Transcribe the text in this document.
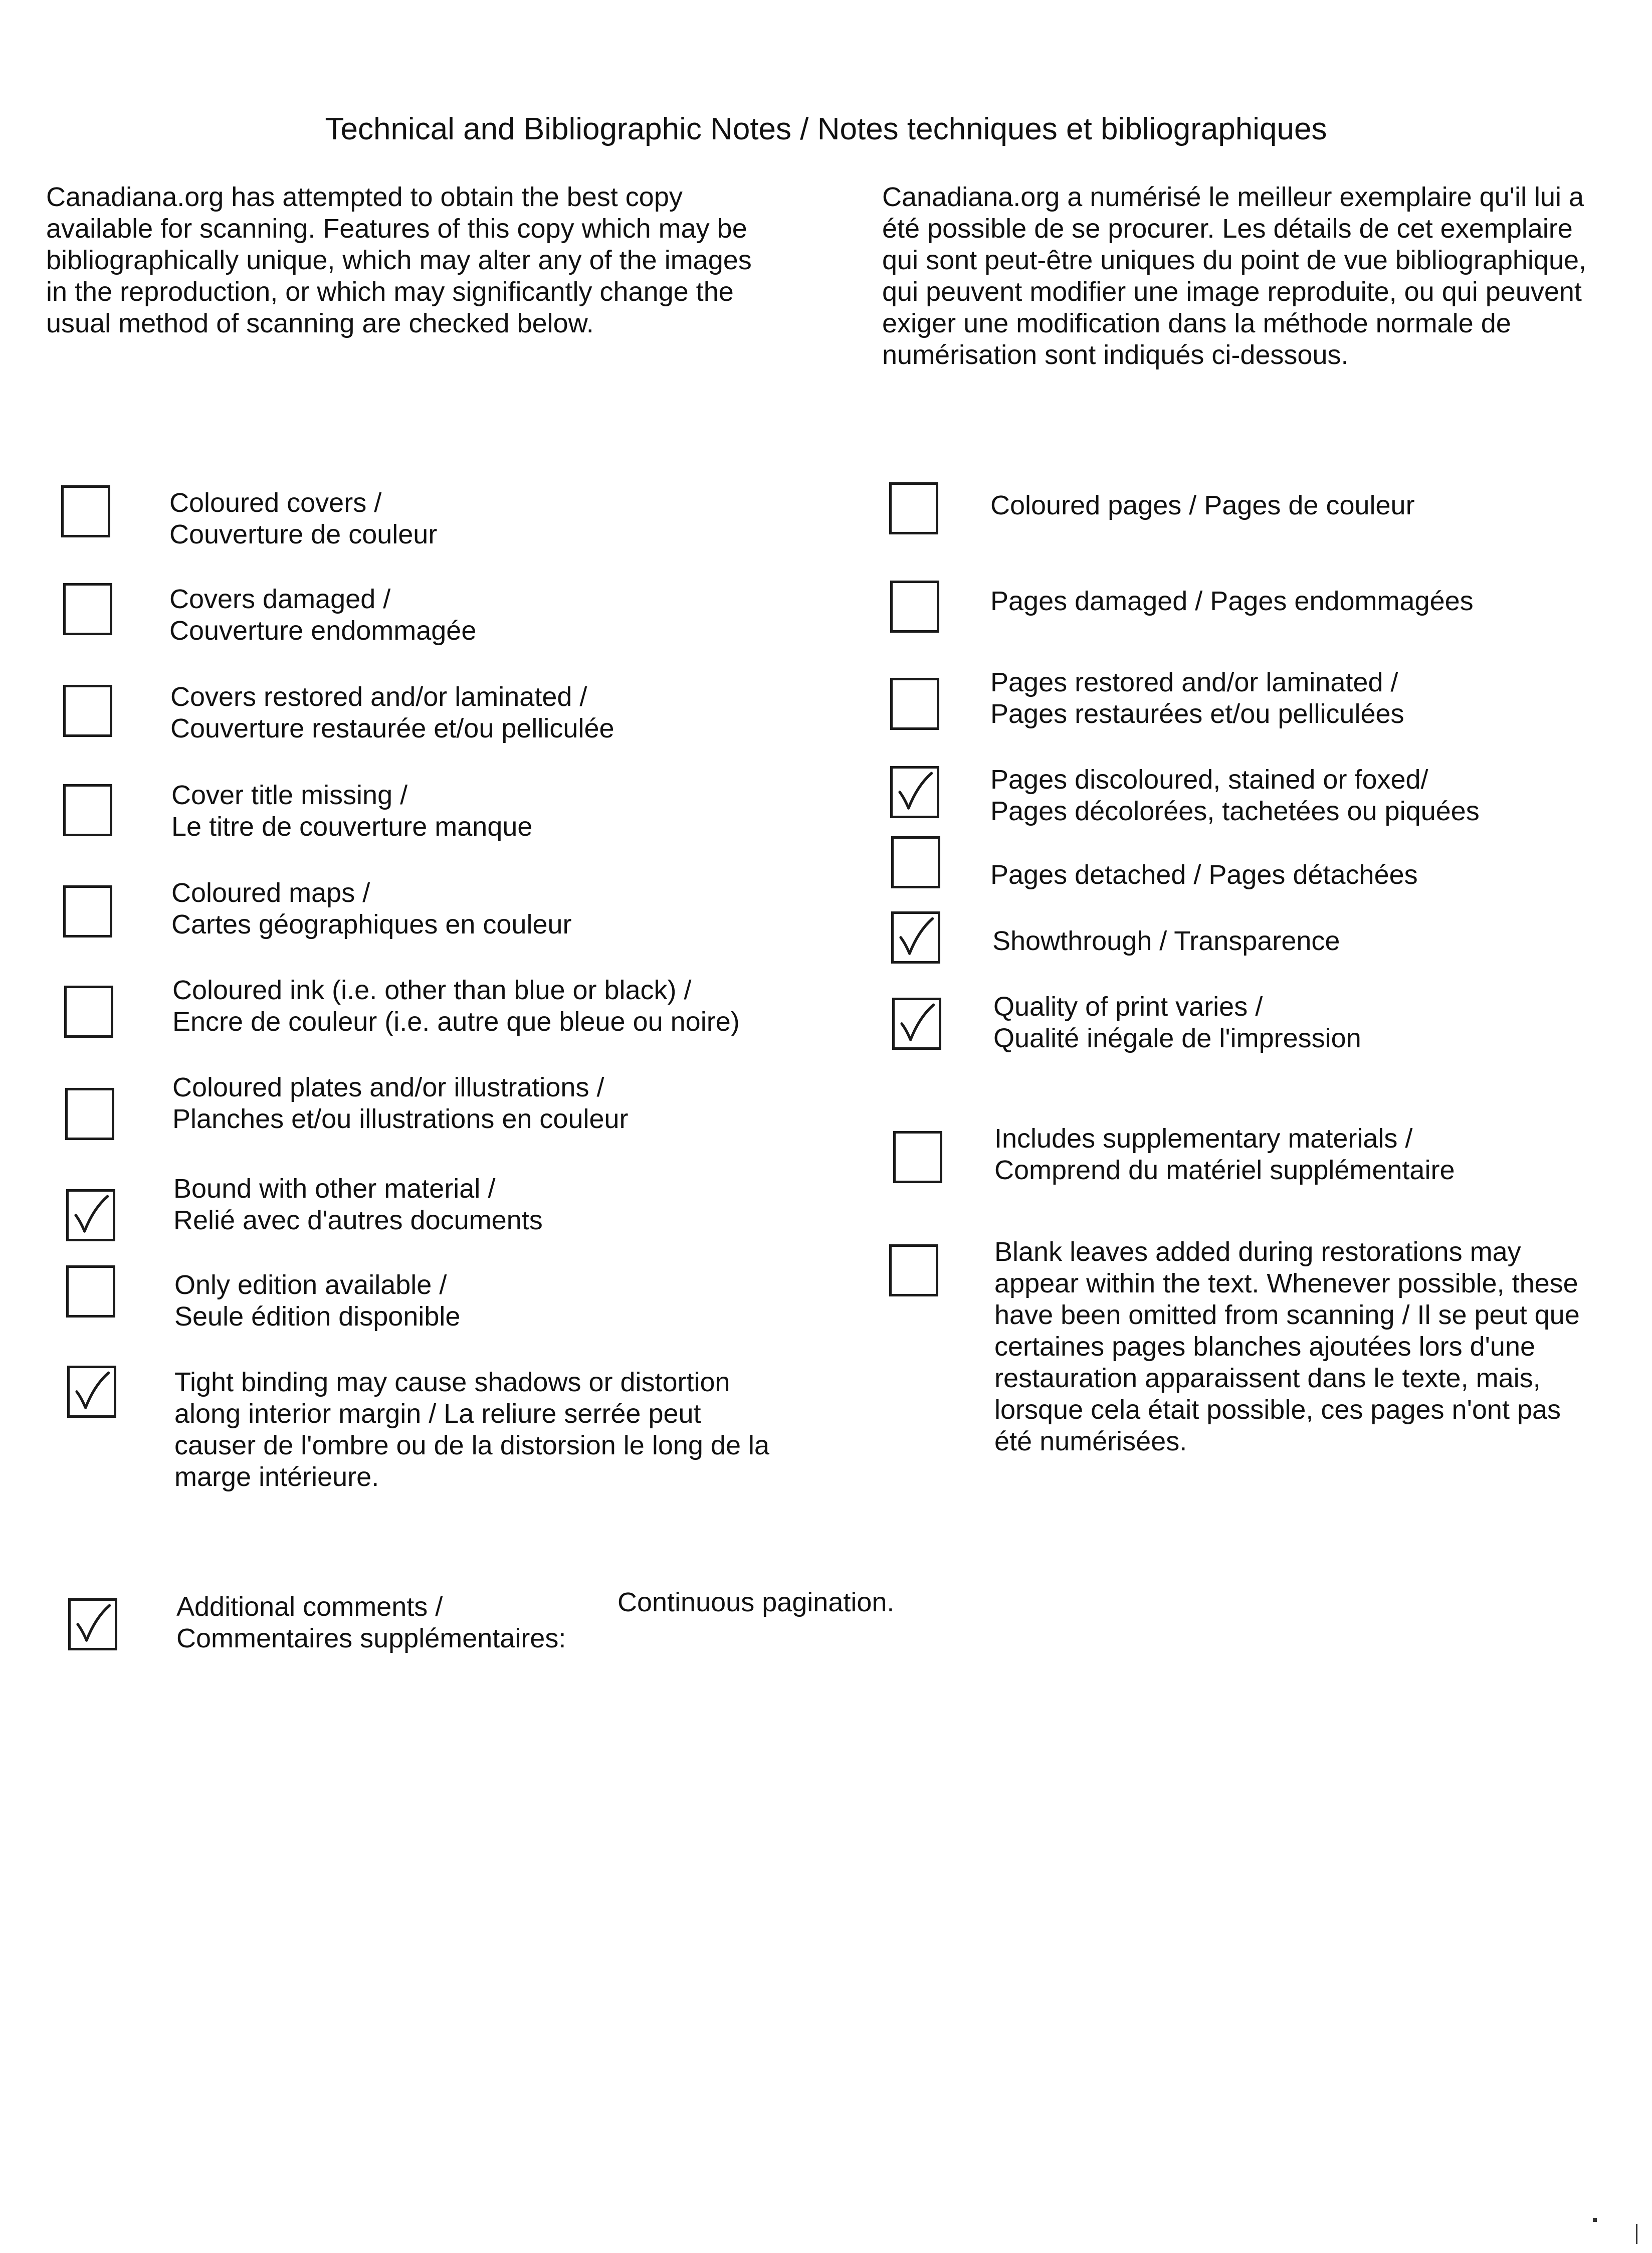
Technical and Bibliographic Notes / Notes techniques et bibliographiques
Canadiana.org has attempted to obtain the best copy
available for scanning. Features of this copy which may be
bibliographically unique, which may alter any of the images
in the reproduction, or which may significantly change the
usual method of scanning are checked below.
Canadiana.org a numérisé le meilleur exemplaire qu'il lui a
été possible de se procurer. Les détails de cet exemplaire
qui sont peut-être uniques du point de vue bibliographique,
qui peuvent modifier une image reproduite, ou qui peuvent
exiger une modification dans la méthode normale de
numérisation sont indiqués ci-dessous.
Coloured covers /
Couverture de couleur
Covers damaged /
Couverture endommagée
Covers restored and/or laminated /
Couverture restaurée et/ou pelliculée
Cover title missing /
Le titre de couverture manque
Coloured maps /
Cartes géographiques en couleur
Coloured ink (i.e. other than blue or black) /
Encre de couleur (i.e. autre que bleue ou noire)
Coloured plates and/or illustrations /
Planches et/ou illustrations en couleur
Bound with other material /
Relié avec d'autres documents
Only edition available /
Seule édition disponible
Tight binding may cause shadows or distortion
along interior margin / La reliure serrée peut
causer de l'ombre ou de la distorsion le long de la
marge intérieure.
Coloured pages / Pages de couleur
Pages damaged / Pages endommagées
Pages restored and/or laminated /
Pages restaurées et/ou pelliculées
Pages discoloured, stained or foxed/
Pages décolorées, tachetées ou piquées
Pages detached / Pages détachées
Showthrough / Transparence
Quality of print varies /
Qualité inégale de l'impression
Includes supplementary materials /
Comprend du matériel supplémentaire
Blank leaves added during restorations may
appear within the text. Whenever possible, these
have been omitted from scanning / Il se peut que
certaines pages blanches ajoutées lors d'une
restauration apparaissent dans le texte, mais,
lorsque cela était possible, ces pages n'ont pas
été numérisées.
Additional comments /
Commentaires supplémentaires:
Continuous pagination.
